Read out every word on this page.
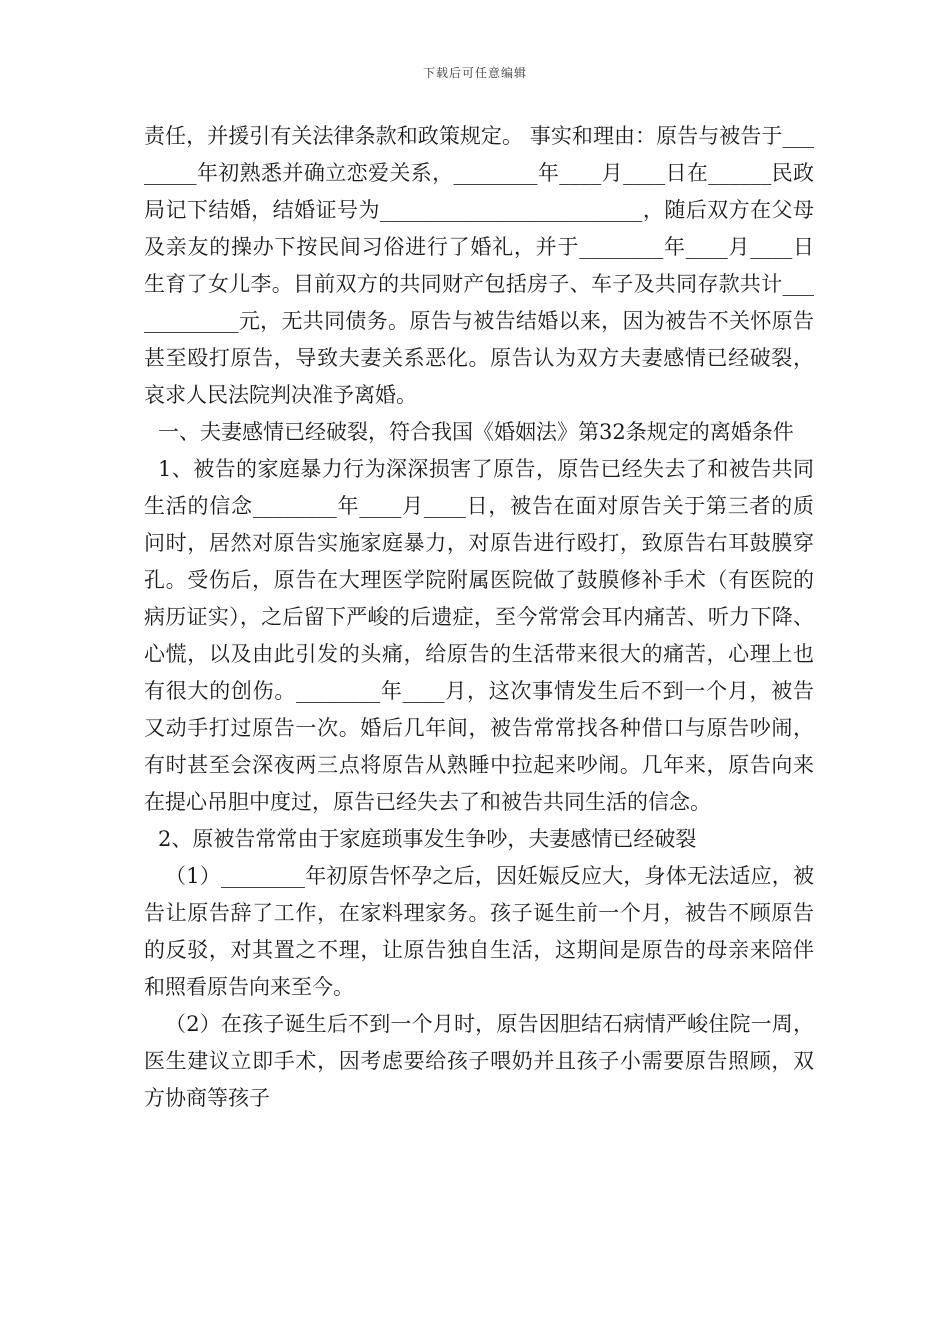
下载后可任意编辑

责任，并援引有关法律条款和政策规定。 事实和理由：原告与被告于________年初熟悉并确立恋爱关系，________年____月____日在______民政局记下结婚，结婚证号为_________________________，随后双方在父母及亲友的操办下按民间习俗进行了婚礼，并于________年____月____日生育了女儿李。目前双方的共同财产包括房子、车子及共同存款共计____________元，无共同债务。原告与被告结婚以来，因为被告不关怀原告甚至殴打原告，导致夫妻关系恶化。原告认为双方夫妻感情已经破裂，哀求人民法院判决准予离婚。

一、夫妻感情已经破裂，符合我国《婚姻法》第32条规定的离婚条件

1、被告的家庭暴力行为深深损害了原告，原告已经失去了和被告共同生活的信念________年____月____日，被告在面对原告关于第三者的质问时，居然对原告实施家庭暴力，对原告进行殴打，致原告右耳鼓膜穿孔。受伤后，原告在大理医学院附属医院做了鼓膜修补手术（有医院的病历证实），之后留下严峻的后遗症，至今常常会耳内痛苦、听力下降、心慌，以及由此引发的头痛，给原告的生活带来很大的痛苦，心理上也有很大的创伤。________年____月，这次事情发生后不到一个月，被告又动手打过原告一次。婚后几年间，被告常常找各种借口与原告吵闹，有时甚至会深夜两三点将原告从熟睡中拉起来吵闹。几年来，原告向来在提心吊胆中度过，原告已经失去了和被告共同生活的信念。

2、原被告常常由于家庭琐事发生争吵，夫妻感情已经破裂

（1）________年初原告怀孕之后，因妊娠反应大，身体无法适应，被告让原告辞了工作，在家料理家务。孩子诞生前一个月，被告不顾原告的反驳，对其置之不理，让原告独自生活，这期间是原告的母亲来陪伴和照看原告向来至今。

（2）在孩子诞生后不到一个月时，原告因胆结石病情严峻住院一周，医生建议立即手术，因考虑要给孩子喂奶并且孩子小需要原告照顾，双方协商等孩子
